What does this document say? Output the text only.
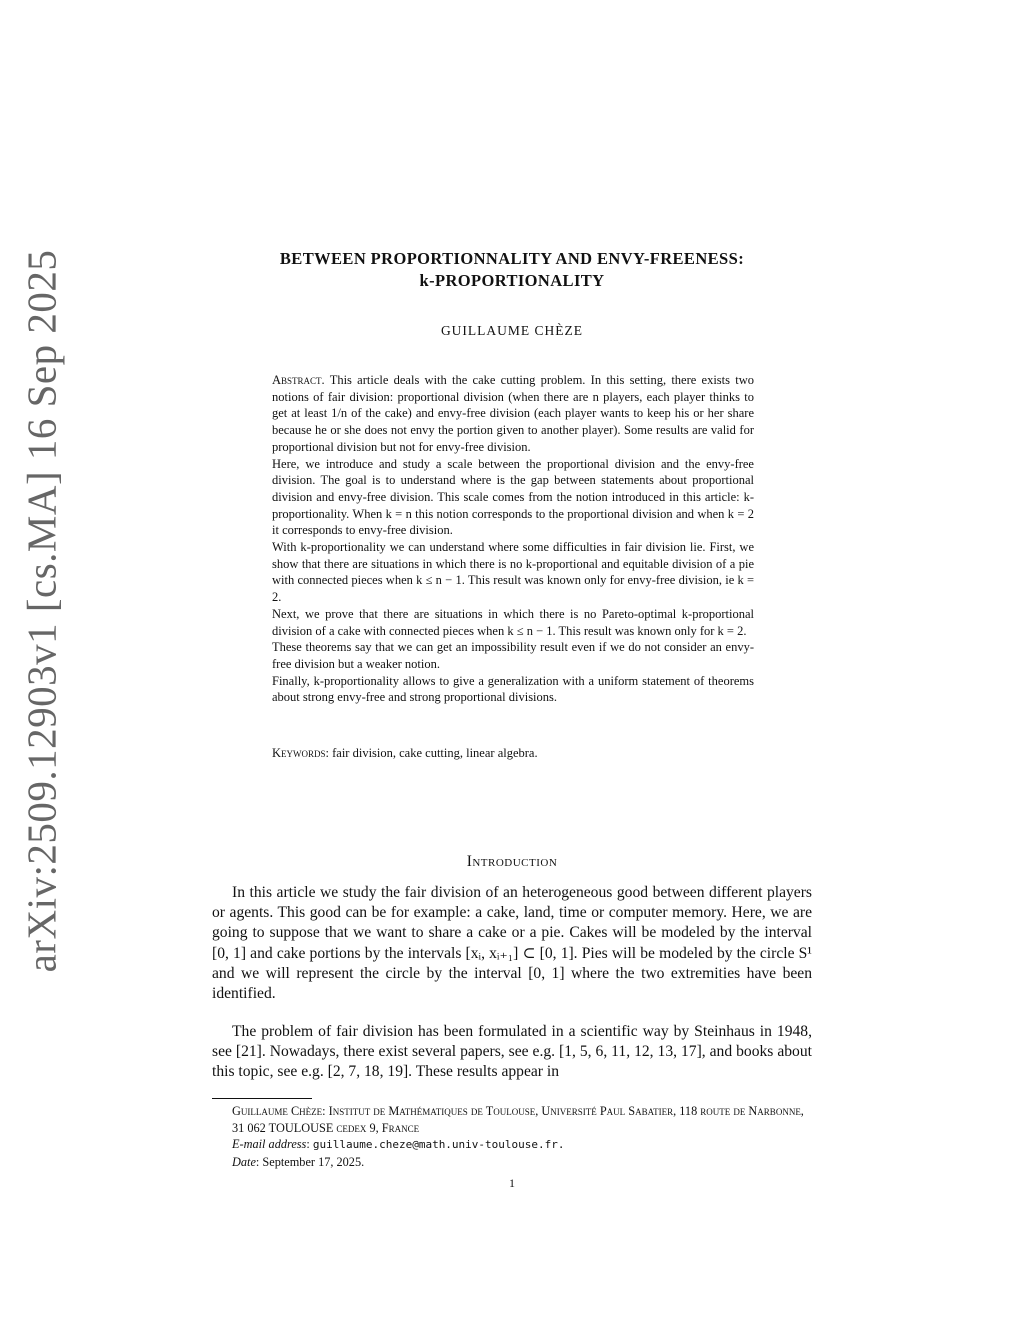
arXiv:2509.12903v1 [cs.MA] 16 Sep 2025	BETWEEN PROPORTIONNALITY AND ENVY-FREENESS:
k-PROPORTIONALITY
GUILLAUME CHÈZE

Abstract. This article deals with the cake cutting problem. In this setting, there exists two notions of fair division: proportional division (when there are n players, each player thinks to get at least 1/n of the cake) and envy-free division (each player wants to keep his or her share because he or she does not envy the portion given to another player). Some results are valid for proportional division but not for envy-free division.

Here, we introduce and study a scale between the proportional division and the envy-free division. The goal is to understand where is the gap between statements about proportional division and envy-free division. This scale comes from the notion introduced in this article: k-proportionality. When k = n this notion corresponds to the proportional division and when k = 2 it corresponds to envy-free division.

With k-proportionality we can understand where some difficulties in fair division lie. First, we show that there are situations in which there is no k-proportional and equitable division of a pie with connected pieces when k ≤ n − 1. This result was known only for envy-free division, ie k = 2.

Next, we prove that there are situations in which there is no Pareto-optimal k-proportional division of a cake with connected pieces when k ≤ n − 1. This result was known only for k = 2.

These theorems say that we can get an impossibility result even if we do not consider an envy-free division but a weaker notion.

Finally, k-proportionality allows to give a generalization with a uniform statement of theorems about strong envy-free and strong proportional divisions.

Keywords: fair division, cake cutting, linear algebra.
Introduction

In this article we study the fair division of an heterogeneous good between different players or agents. This good can be for example: a cake, land, time or computer memory. Here, we are going to suppose that we want to share a cake or a pie. Cakes will be modeled by the interval [0, 1] and cake portions by the intervals [xᵢ, xᵢ₊₁] ⊂ [0, 1]. Pies will be modeled by the circle S¹ and we will represent the circle by the interval [0, 1] where the two extremities have been identified.

The problem of fair division has been formulated in a scientific way by Steinhaus in 1948, see [21]. Nowadays, there exist several papers, see e.g. [1, 5, 6, 11, 12, 13, 17], and books about this topic, see e.g. [2, 7, 18, 19]. These results appear in

Guillaume Chèze: Institut de Mathématiques de Toulouse, Université Paul Sabatier, 118 route de Narbonne, 31 062 TOULOUSE cedex 9, France

E-mail address: guillaume.cheze@math.univ-toulouse.fr.

Date: September 17, 2025.

1
